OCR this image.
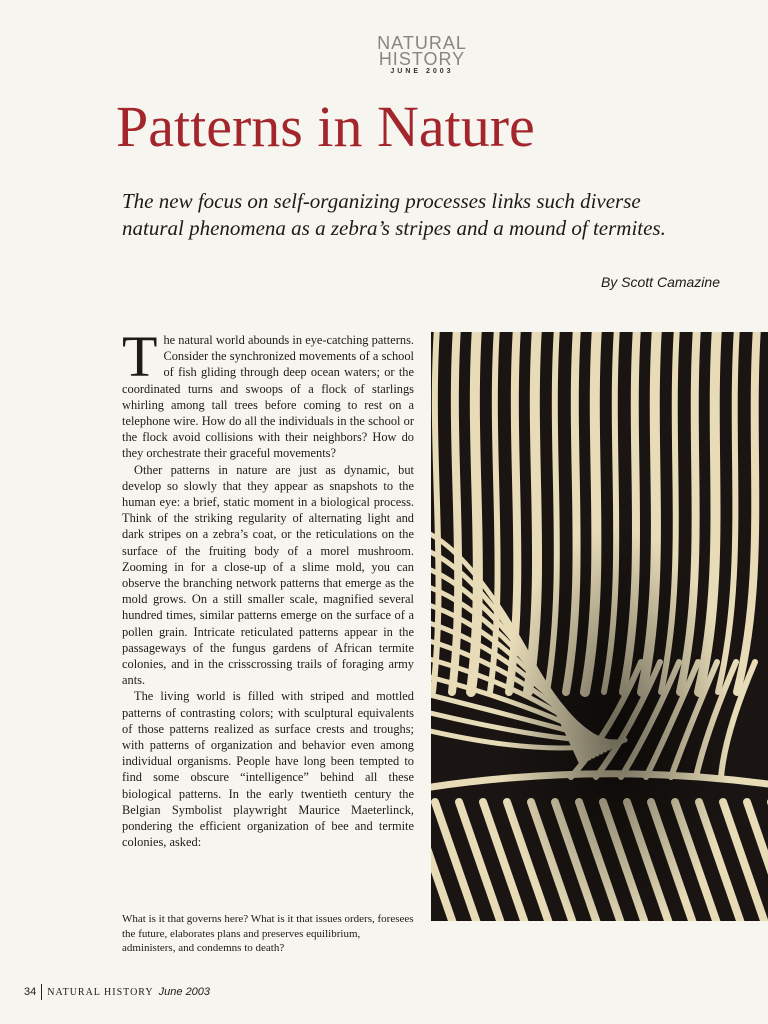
NATURAL
HISTORY
JUNE 2003
Patterns in Nature

The new focus on self-organizing processes links such diverse natural phenomena as a zebra’s stripes and a mound of termites.

By Scott Camazine

The natural world abounds in eye-catching patterns. Consider the synchronized movements of a school of fish gliding through deep ocean waters; or the coordinated turns and swoops of a flock of starlings whirling among tall trees before coming to rest on a telephone wire. How do all the individuals in the school or the flock avoid collisions with their neighbors? How do they orchestrate their graceful movements?

Other patterns in nature are just as dynamic, but develop so slowly that they appear as snapshots to the human eye: a brief, static moment in a biological process. Think of the striking regularity of alternating light and dark stripes on a zebra’s coat, or the reticulations on the surface of the fruiting body of a morel mushroom. Zooming in for a close-up of a slime mold, you can observe the branching network patterns that emerge as the mold grows. On a still smaller scale, magnified several hundred times, similar patterns emerge on the surface of a pollen grain. Intricate reticulated patterns appear in the passageways of the fungus gardens of African termite colonies, and in the crisscrossing trails of foraging army ants.

The living world is filled with striped and mottled patterns of contrasting colors; with sculptural equivalents of those patterns realized as surface crests and troughs; with patterns of organization and behavior even among individual organisms. People have long been tempted to find some obscure “intelligence” behind all these biological patterns. In the early twentieth century the Belgian Symbolist playwright Maurice Maeterlinck, pondering the efficient organization of bee and termite colonies, asked:

What is it that governs here? What is it that issues orders, foresees the future, elaborates plans and preserves equilibrium, administers, and condemns to death?

34 NATURAL HISTORY June 2003
